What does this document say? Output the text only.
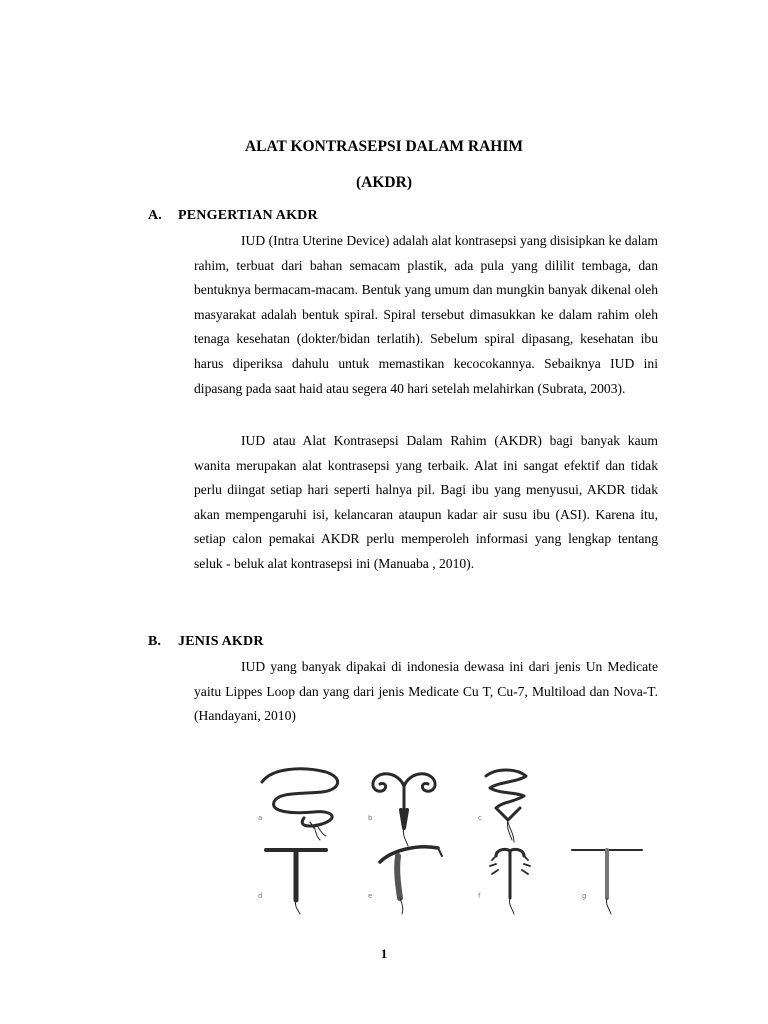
ALAT KONTRASEPSI DALAM RAHIM
(AKDR)
A. PENGERTIAN AKDR

IUD (Intra Uterine Device) adalah alat kontrasepsi yang disisipkan ke dalam rahim, terbuat dari bahan semacam plastik, ada pula yang dililit tembaga, dan bentuknya bermacam-macam. Bentuk yang umum dan mungkin banyak dikenal oleh masyarakat adalah bentuk spiral. Spiral tersebut dimasukkan ke dalam rahim oleh tenaga kesehatan (dokter/bidan terlatih). Sebelum spiral dipasang, kesehatan ibu harus diperiksa dahulu untuk memastikan kecocokannya. Sebaiknya IUD ini dipasang pada saat haid atau segera 40 hari setelah melahirkan (Subrata, 2003).

IUD atau Alat Kontrasepsi Dalam Rahim (AKDR) bagi banyak kaum wanita merupakan alat kontrasepsi yang terbaik. Alat ini sangat efektif dan tidak perlu diingat setiap hari seperti halnya pil. Bagi ibu yang menyusui, AKDR tidak akan mempengaruhi isi, kelancaran ataupun kadar air susu ibu (ASI). Karena itu, setiap calon pemakai AKDR perlu memperoleh informasi yang lengkap tentang seluk - beluk alat kontrasepsi ini (Manuaba , 2010).

B. JENIS AKDR

IUD yang banyak dipakai di indonesia dewasa ini dari jenis Un Medicate yaitu Lippes Loop dan yang dari jenis Medicate Cu T, Cu-7, Multiload dan Nova-T. (Handayani, 2010)

a	b	c
d	e	f	g

1
